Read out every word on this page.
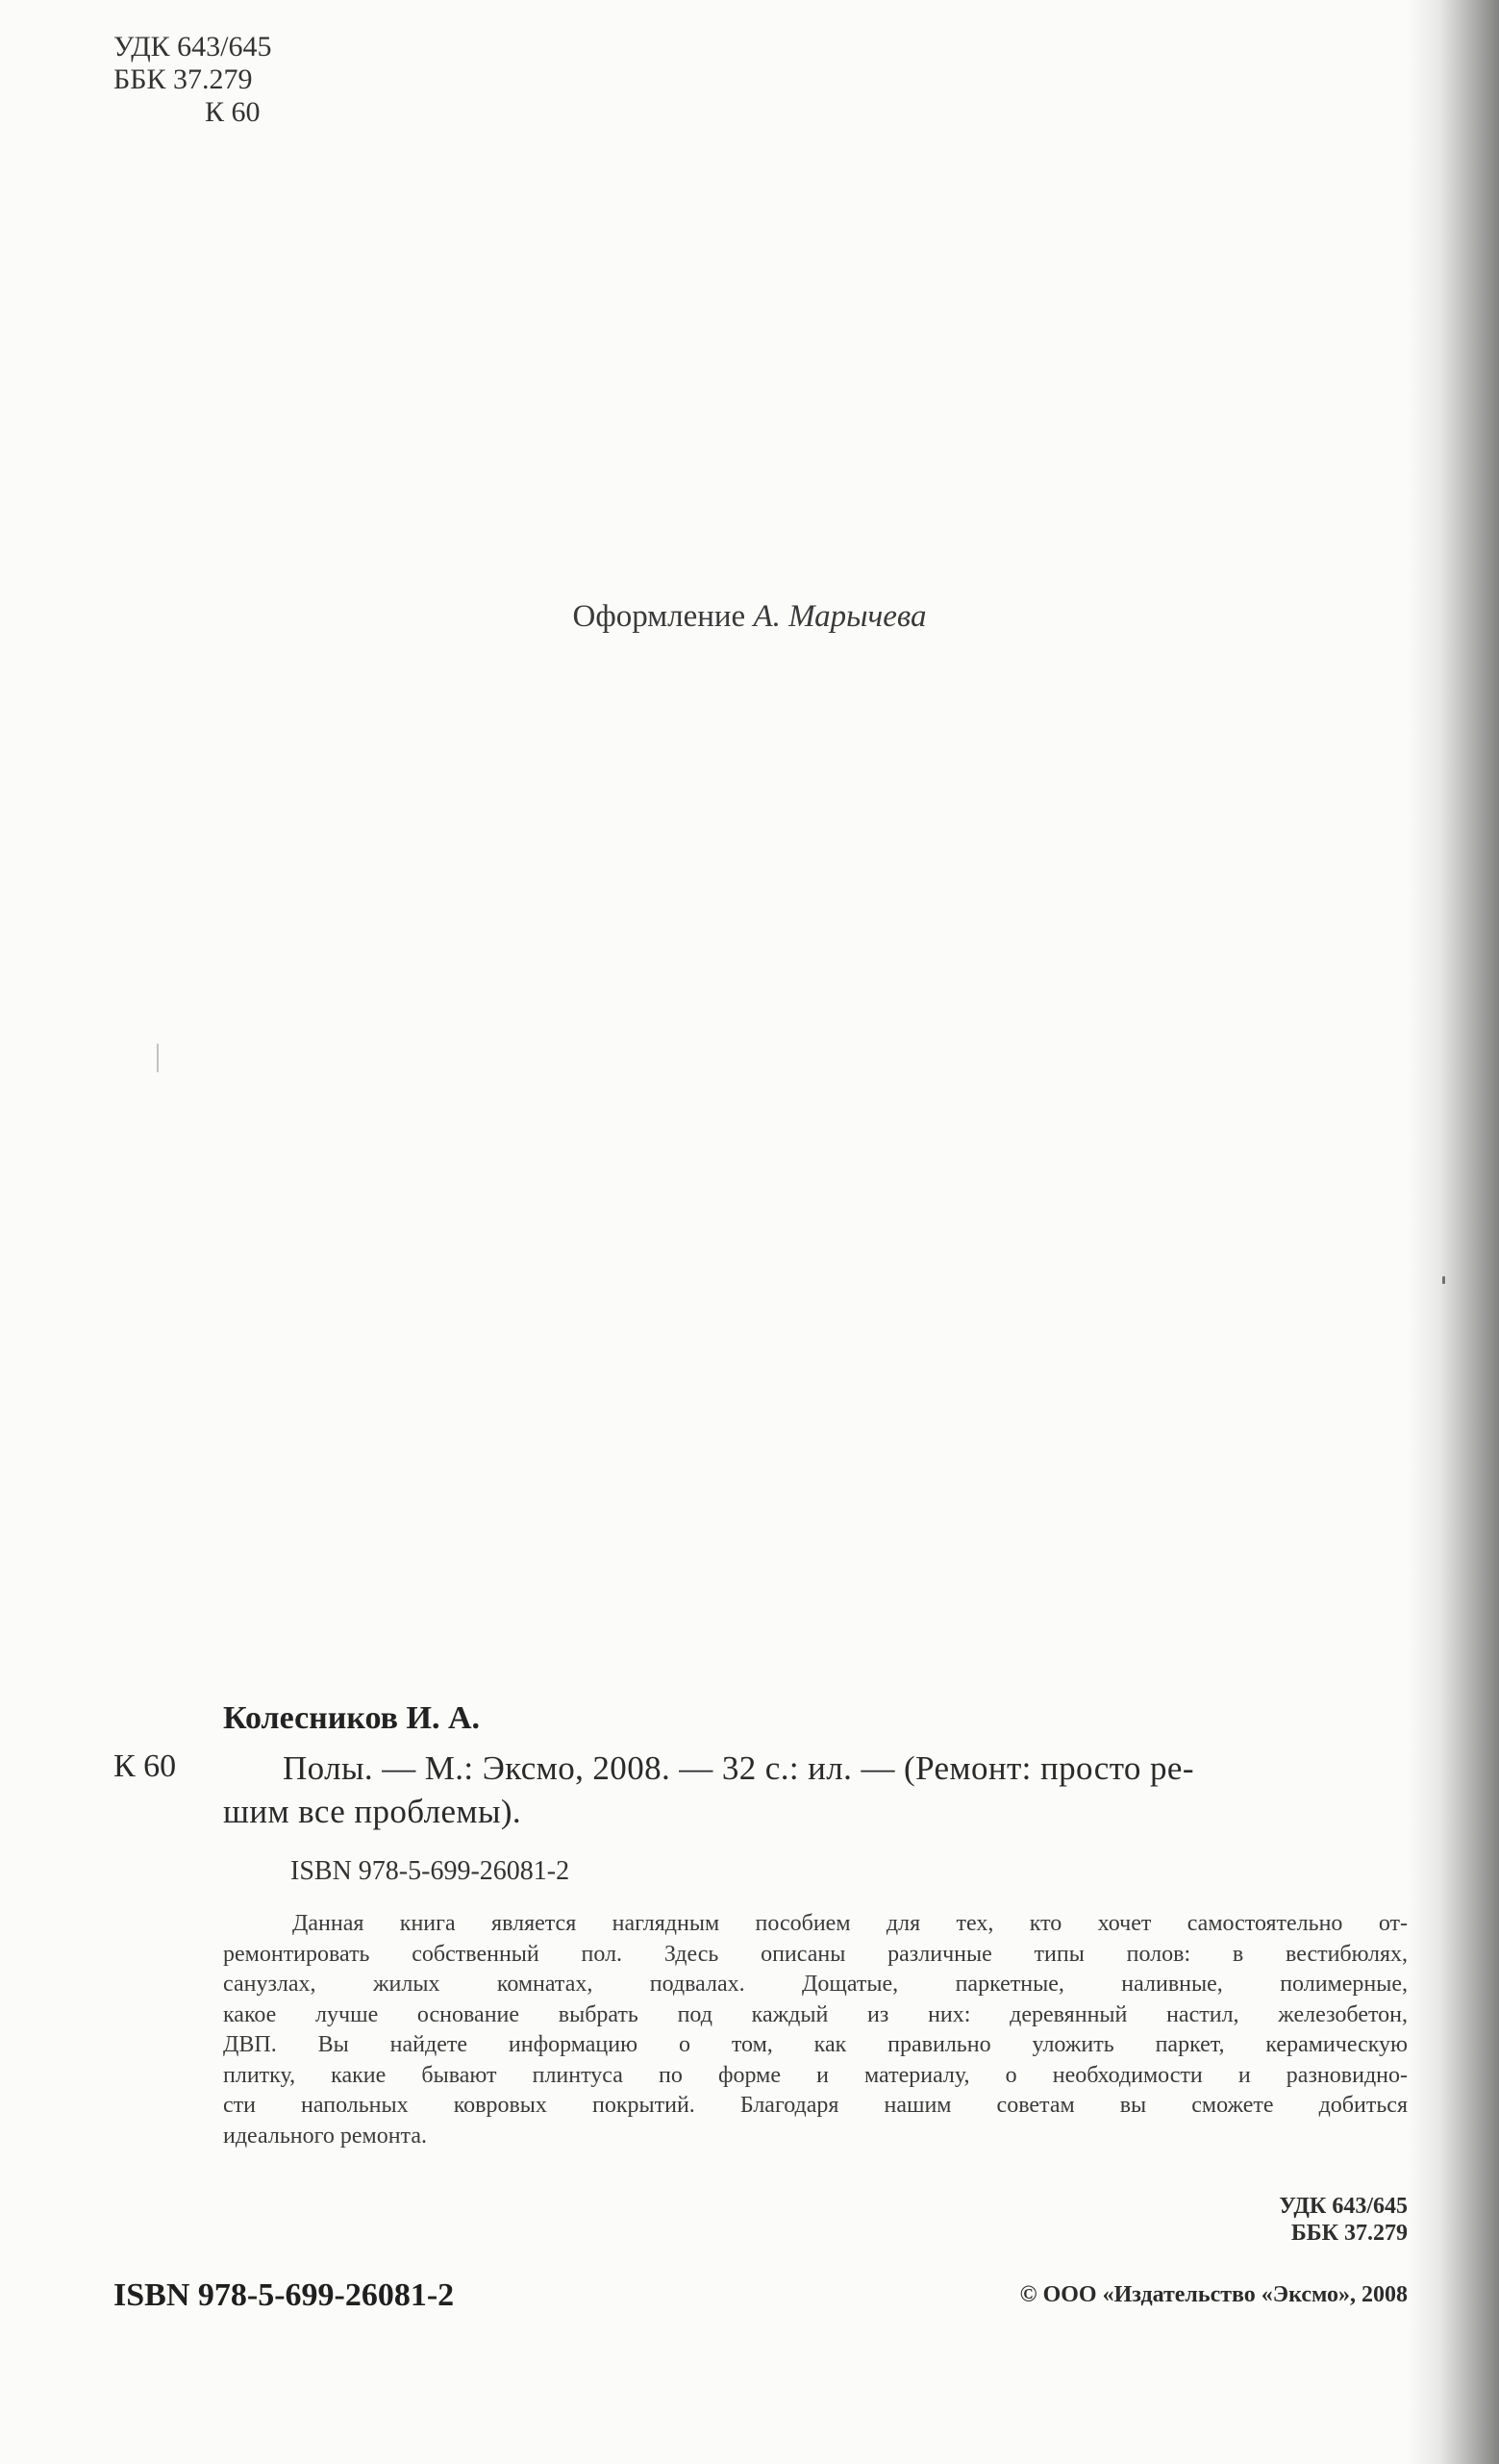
УДК 643/645
ББК 37.279
К 60
Оформление А. Марычева
Колесников И. А.
К 60	Полы. — М.: Эксмо, 2008. — 32 с.: ил. — (Ремонт: просто ре-
шим все проблемы).
ISBN 978-5-699-26081-2
Данная книга является наглядным пособием для тех, кто хочет самостоятельно от-
ремонтировать собственный пол. Здесь описаны различные типы полов: в вестибюлях,
санузлах, жилых комнатах, подвалах. Дощатые, паркетные, наливные, полимерные,
какое лучше основание выбрать под каждый из них: деревянный настил, железобетон,
ДВП. Вы найдете информацию о том, как правильно уложить паркет, керамическую
плитку, какие бывают плинтуса по форме и материалу, о необходимости и разновидно-
сти напольных ковровых покрытий. Благодаря нашим советам вы сможете добиться
идеального ремонта.
УДК 643/645
ББК 37.279
ISBN 978-5-699-26081-2	© ООО «Издательство «Эксмо», 2008
